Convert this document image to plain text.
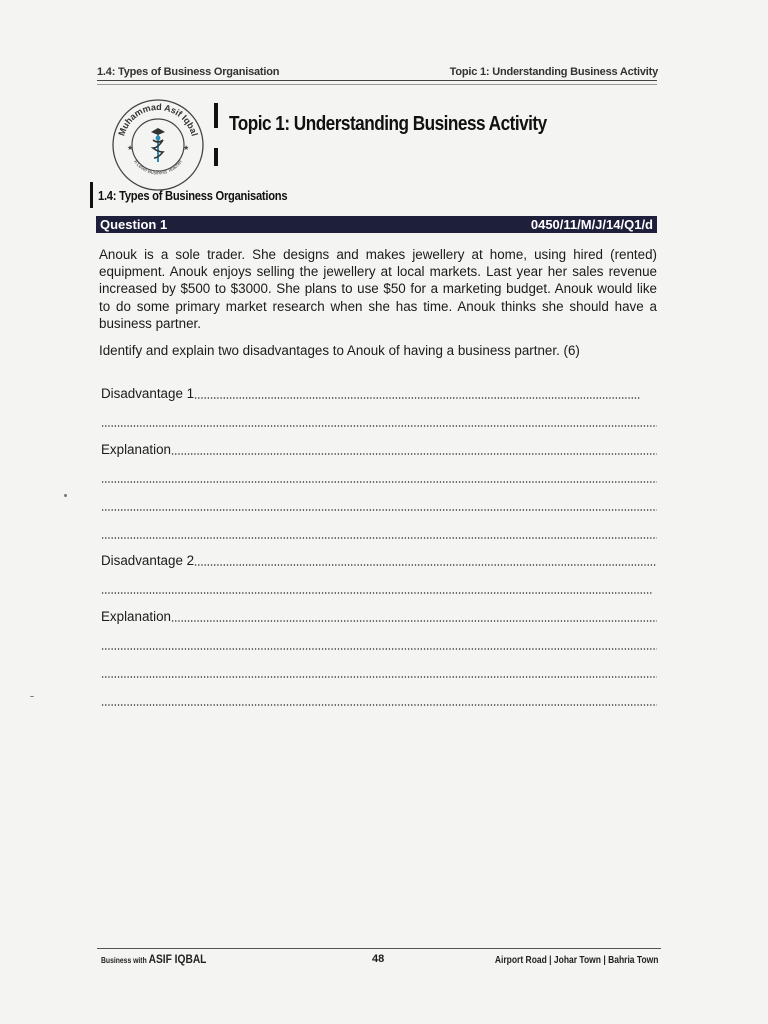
1.4: Types of Business Organisation	Topic 1: Understanding Business Activity
Muhammad Asif Iqbal
A Level Business Teacher
★	★
Topic 1: Understanding Business Activity
1.4: Types of Business Organisations
Question 1	0450/11/M/J/14/Q1/d
Anouk is a sole trader. She designs and makes jewellery at home, using hired (rented) equipment. Anouk enjoys selling the jewellery at local markets. Last year her sales revenue increased by $500 to $3000. She plans to use $50 for a marketing budget. Anouk would like to do some primary market research when she has time. Anouk thinks she should have a business partner.
Identify and explain two disadvantages to Anouk of having a business partner. (6)
Disadvantage 1
Explanation
Disadvantage 2
Explanation
Business with ASIF IQBAL	48	Airport Road | Johar Town | Bahria Town
